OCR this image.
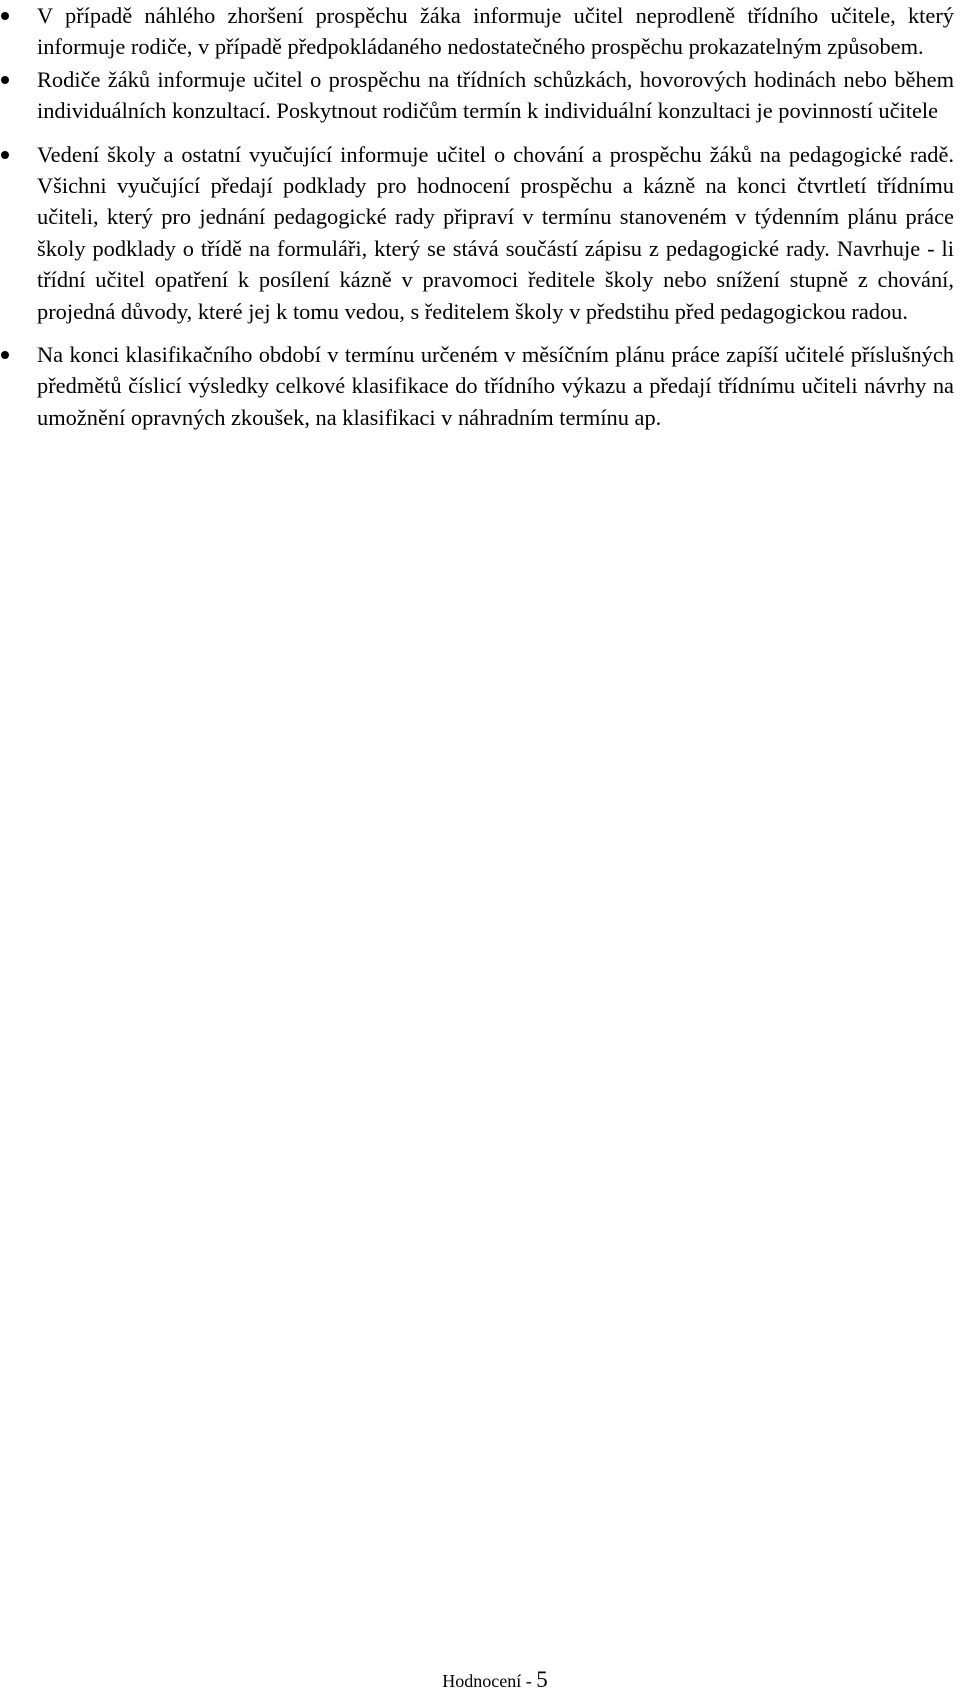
V případě náhlého zhoršení prospěchu žáka informuje učitel neprodleně třídního učitele, který informuje rodiče, v případě předpokládaného nedostatečného prospěchu prokazatelným způsobem.
Rodiče žáků informuje učitel o prospěchu na třídních schůzkách, hovorových hodinách nebo během individuálních konzultací. Poskytnout rodičům termín k individuální konzultaci je povinností učitele
Vedení školy a ostatní vyučující informuje učitel o chování a prospěchu žáků na pedagogické radě. Všichni vyučující předají podklady pro hodnocení prospěchu a kázně na konci čtvrtletí třídnímu učiteli, který pro jednání pedagogické rady připraví v termínu stanoveném v týdenním plánu práce školy podklady o třídě na formuláři, který se stává součástí zápisu z pedagogické rady. Navrhuje - li třídní učitel opatření k posílení kázně v pravomoci ředitele školy nebo snížení stupně z chování, projedná důvody, které jej k tomu vedou, s ředitelem školy v předstihu před pedagogickou radou.
Na konci klasifikačního období v termínu určeném v měsíčním plánu práce zapíší učitelé příslušných předmětů číslicí výsledky celkové klasifikace do třídního výkazu a předají třídnímu učiteli návrhy na umožnění opravných zkoušek, na klasifikaci v náhradním termínu ap.
Hodnocení - 5
